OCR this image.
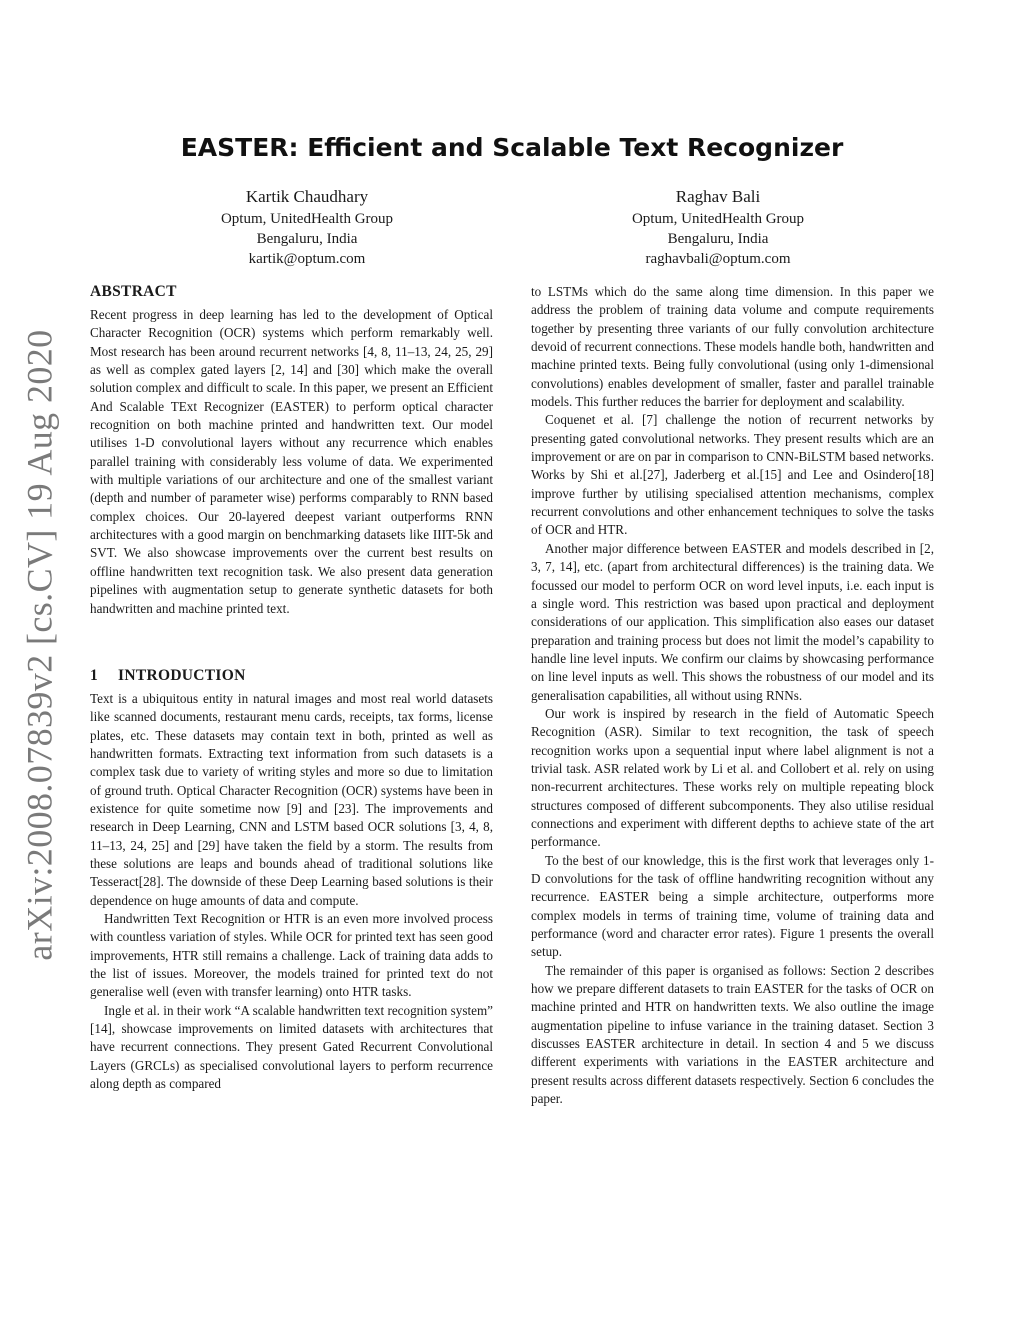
arXiv:2008.07839v2 [cs.CV] 19 Aug 2020
EASTER: Efficient and Scalable Text Recognizer
Kartik Chaudhary
Optum, UnitedHealth Group
Bengaluru, India
kartik@optum.com
Raghav Bali
Optum, UnitedHealth Group
Bengaluru, India
raghavbali@optum.com
ABSTRACT

Recent progress in deep learning has led to the development of Optical Character Recognition (OCR) systems which perform remarkably well. Most research has been around recurrent networks [4, 8, 11–13, 24, 25, 29] as well as complex gated layers [2, 14] and [30] which make the overall solution complex and difficult to scale. In this paper, we present an Efficient And Scalable TExt Recognizer (EASTER) to perform optical character recognition on both machine printed and handwritten text. Our model utilises 1-D convolutional layers without any recurrence which enables parallel training with considerably less volume of data. We experimented with multiple variations of our architecture and one of the smallest variant (depth and number of parameter wise) performs comparably to RNN based complex choices. Our 20-layered deepest variant outperforms RNN architectures with a good margin on benchmarking datasets like IIIT-5k and SVT. We also showcase improvements over the current best results on offline handwritten text recognition task. We also present data generation pipelines with augmentation setup to generate synthetic datasets for both handwritten and machine printed text.

1 INTRODUCTION

Text is a ubiquitous entity in natural images and most real world datasets like scanned documents, restaurant menu cards, receipts, tax forms, license plates, etc. These datasets may contain text in both, printed as well as handwritten formats. Extracting text information from such datasets is a complex task due to variety of writing styles and more so due to limitation of ground truth. Optical Character Recognition (OCR) systems have been in existence for quite sometime now [9] and [23]. The improvements and research in Deep Learning, CNN and LSTM based OCR solutions [3, 4, 8, 11–13, 24, 25] and [29] have taken the field by a storm. The results from these solutions are leaps and bounds ahead of traditional solutions like Tesseract[28]. The downside of these Deep Learning based solutions is their dependence on huge amounts of data and compute.

Handwritten Text Recognition or HTR is an even more involved process with countless variation of styles. While OCR for printed text has seen good improvements, HTR still remains a challenge. Lack of training data adds to the list of issues. Moreover, the models trained for printed text do not generalise well (even with transfer learning) onto HTR tasks.

Ingle et al. in their work “A scalable handwritten text recognition system” [14], showcase improvements on limited datasets with architectures that have recurrent connections. They present Gated Recurrent Convolutional Layers (GRCLs) as specialised convolutional layers to perform recurrence along depth as compared

to LSTMs which do the same along time dimension. In this paper we address the problem of training data volume and compute requirements together by presenting three variants of our fully convolution architecture devoid of recurrent connections. These models handle both, handwritten and machine printed texts. Being fully convolutional (using only 1-dimensional convolutions) enables development of smaller, faster and parallel trainable models. This further reduces the barrier for deployment and scalability.

Coquenet et al. [7] challenge the notion of recurrent networks by presenting gated convolutional networks. They present results which are an improvement or are on par in comparison to CNN-BiLSTM based networks. Works by Shi et al.[27], Jaderberg et al.[15] and Lee and Osindero[18] improve further by utilising specialised attention mechanisms, complex recurrent convolutions and other enhancement techniques to solve the tasks of OCR and HTR.

Another major difference between EASTER and models described in [2, 3, 7, 14], etc. (apart from architectural differences) is the training data. We focussed our model to perform OCR on word level inputs, i.e. each input is a single word. This restriction was based upon practical and deployment considerations of our application. This simplification also eases our dataset preparation and training process but does not limit the model’s capability to handle line level inputs. We confirm our claims by showcasing performance on line level inputs as well. This shows the robustness of our model and its generalisation capabilities, all without using RNNs.

Our work is inspired by research in the field of Automatic Speech Recognition (ASR). Similar to text recognition, the task of speech recognition works upon a sequential input where label alignment is not a trivial task. ASR related work by Li et al. and Collobert et al. rely on using non-recurrent architectures. These works rely on multiple repeating block structures composed of different subcomponents. They also utilise residual connections and experiment with different depths to achieve state of the art performance.

To the best of our knowledge, this is the first work that leverages only 1-D convolutions for the task of offline handwriting recognition without any recurrence. EASTER being a simple architecture, outperforms more complex models in terms of training time, volume of training data and performance (word and character error rates). Figure 1 presents the overall setup.

The remainder of this paper is organised as follows: Section 2 describes how we prepare different datasets to train EASTER for the tasks of OCR on machine printed and HTR on handwritten texts. We also outline the image augmentation pipeline to infuse variance in the training dataset. Section 3 discusses EASTER architecture in detail. In section 4 and 5 we discuss different experiments with variations in the EASTER architecture and present results across different datasets respectively. Section 6 concludes the paper.
